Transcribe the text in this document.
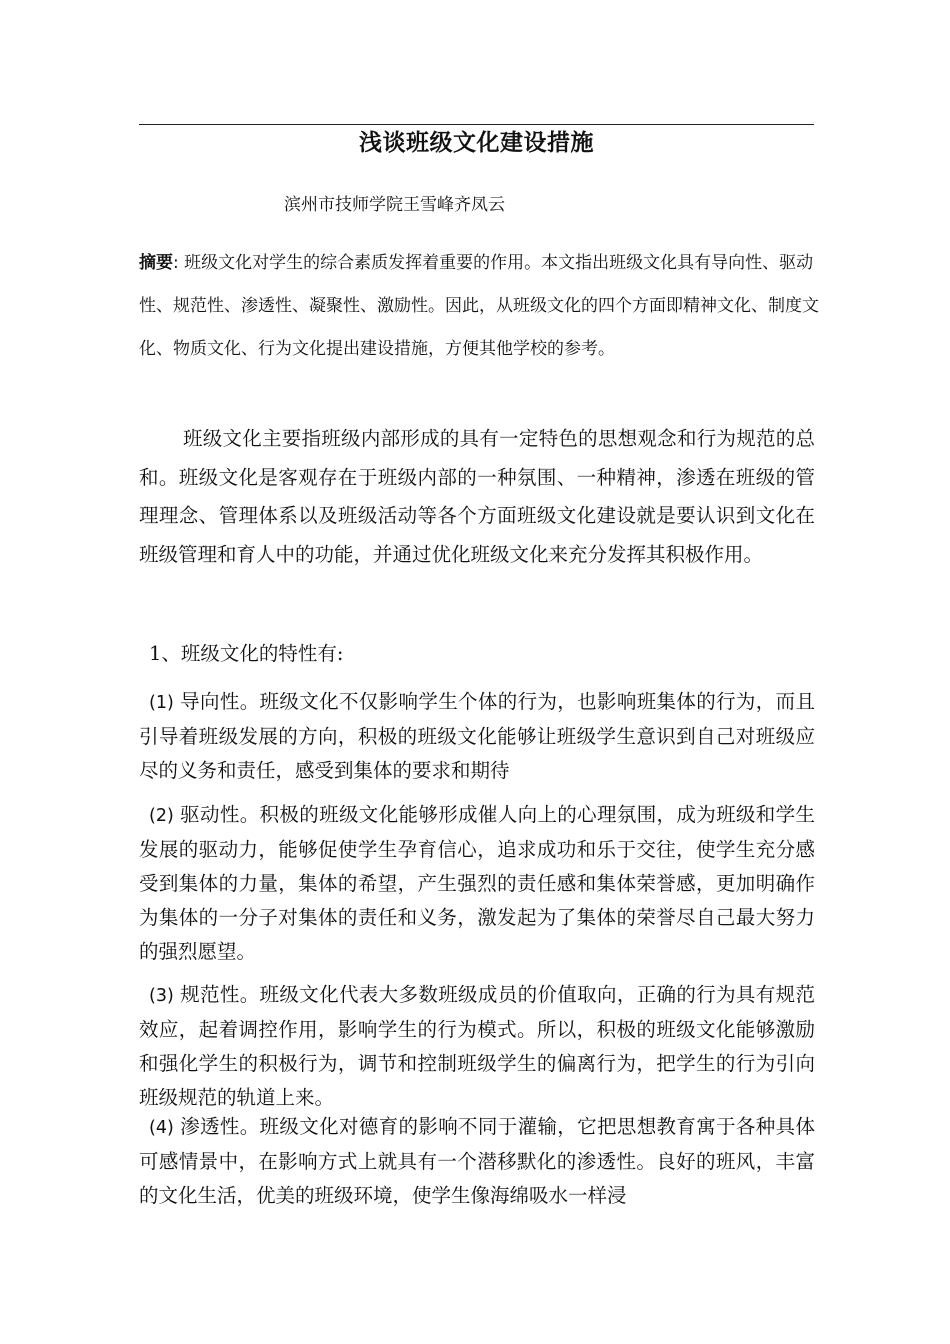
浅谈班级文化建设措施
滨州市技师学院王雪峰齐凤云
摘要: 班级文化对学生的综合素质发挥着重要的作用。本文指出班级文化具有导向性、驱动性、规范性、渗透性、凝聚性、激励性。因此，从班级文化的四个方面即精神文化、制度文化、物质文化、行为文化提出建设措施，方便其他学校的参考。
班级文化主要指班级内部形成的具有一定特色的思想观念和行为规范的总和。班级文化是客观存在于班级内部的一种氛围、一种精神，渗透在班级的管理理念、管理体系以及班级活动等各个方面班级文化建设就是要认识到文化在班级管理和育人中的功能，并通过优化班级文化来充分发挥其积极作用。
1、班级文化的特性有:
(1) 导向性。班级文化不仅影响学生个体的行为，也影响班集体的行为，而且引导着班级发展的方向，积极的班级文化能够让班级学生意识到自己对班级应尽的义务和责任，感受到集体的要求和期待
(2) 驱动性。积极的班级文化能够形成催人向上的心理氛围，成为班级和学生发展的驱动力，能够促使学生孕育信心，追求成功和乐于交往，使学生充分感受到集体的力量，集体的希望，产生强烈的责任感和集体荣誉感，更加明确作为集体的一分子对集体的责任和义务，激发起为了集体的荣誉尽自己最大努力的强烈愿望。
(3) 规范性。班级文化代表大多数班级成员的价值取向，正确的行为具有规范效应，起着调控作用，影响学生的行为模式。所以，积极的班级文化能够激励和强化学生的积极行为，调节和控制班级学生的偏离行为，把学生的行为引向班级规范的轨道上来。
(4) 渗透性。班级文化对德育的影响不同于灌输，它把思想教育寓于各种具体可感情景中，在影响方式上就具有一个潜移默化的渗透性。良好的班风，丰富的文化生活，优美的班级环境，使学生像海绵吸水一样浸
